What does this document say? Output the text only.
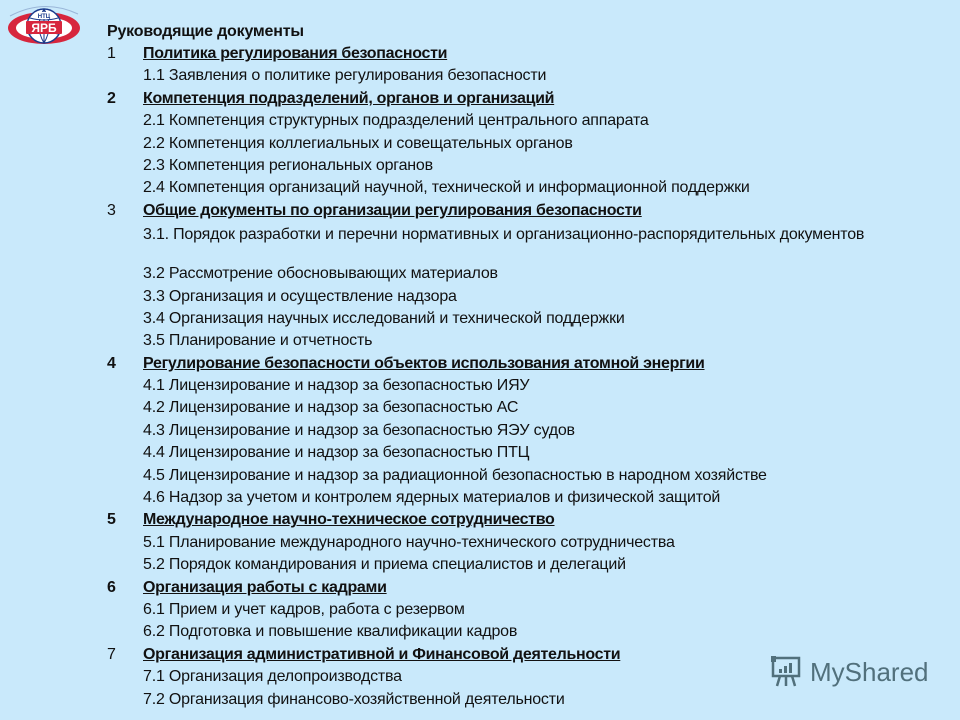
НТЦ
ЯРБ	Руководящие документы
1 Политика регулирования безопасности
1.1 Заявления о политике регулирования безопасности
2 Компетенция подразделений, органов и организаций
2.1 Компетенция структурных подразделений центрального аппарата
2.2 Компетенция коллегиальных и совещательных органов
2.3 Компетенция региональных органов
2.4 Компетенция организаций научной, технической и информационной поддержки
3 Общие документы по организации регулирования безопасности
3.1. Порядок разработки и перечни нормативных и организационно-распорядительных документов
3.2 Рассмотрение обосновывающих материалов
3.3 Организация и осуществление надзора
3.4 Организация научных исследований и технической поддержки
3.5 Планирование и отчетность
4 Регулирование безопасности объектов использования атомной энергии
4.1 Лицензирование и надзор за безопасностью ИЯУ
4.2 Лицензирование и надзор за безопасностью АС
4.3 Лицензирование и надзор за безопасностью ЯЭУ судов
4.4 Лицензирование и надзор за безопасностью ПТЦ
4.5 Лицензирование и надзор за радиационной безопасностью в народном хозяйстве
4.6 Надзор за учетом и контролем ядерных материалов и физической защитой
5 Международное научно-техническое сотрудничество
5.1 Планирование международного научно-технического сотрудничества
5.2 Порядок командирования и приема специалистов и делегаций
6 Организация работы с кадрами
6.1 Прием и учет кадров, работа с резервом
6.2 Подготовка и повышение квалификации кадров
7 Организация административной и Финансовой деятельности
7.1 Организация делопроизводства
7.2 Организация финансово-хозяйственной деятельности
MyShared
